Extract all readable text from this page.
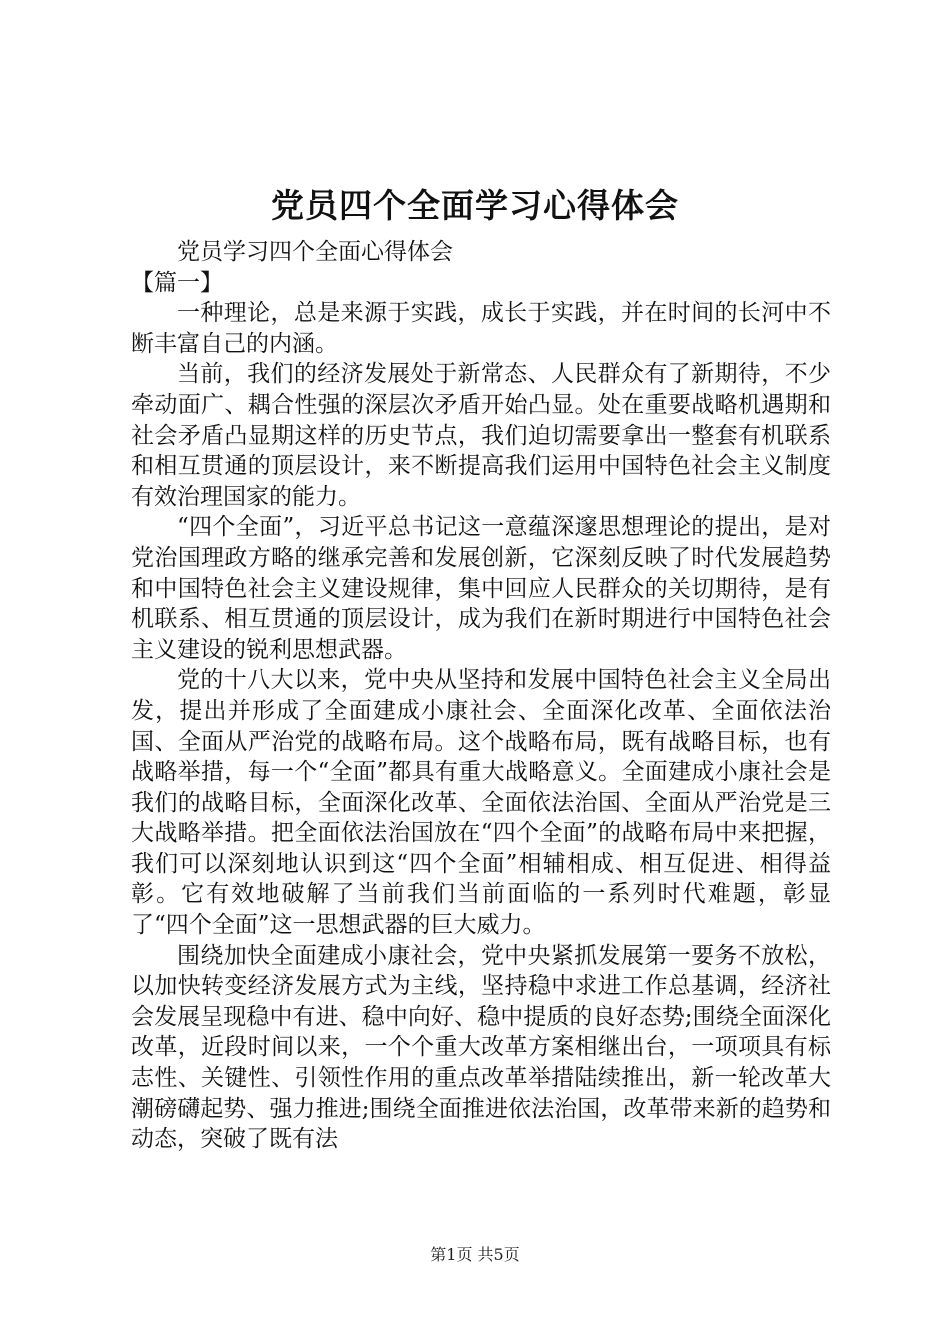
党员四个全面学习心得体会

党员学习四个全面心得体会

【篇一】

一种理论，总是来源于实践，成长于实践，并在时间的长河中不断丰富自己的内涵。

当前，我们的经济发展处于新常态、人民群众有了新期待，不少牵动面广、耦合性强的深层次矛盾开始凸显。处在重要战略机遇期和社会矛盾凸显期这样的历史节点，我们迫切需要拿出一整套有机联系和相互贯通的顶层设计，来不断提高我们运用中国特色社会主义制度有效治理国家的能力。

“四个全面”，习近平总书记这一意蕴深邃思想理论的提出，是对党治国理政方略的继承完善和发展创新，它深刻反映了时代发展趋势和中国特色社会主义建设规律，集中回应人民群众的关切期待，是有机联系、相互贯通的顶层设计，成为我们在新时期进行中国特色社会主义建设的锐利思想武器。

党的十八大以来，党中央从坚持和发展中国特色社会主义全局出发，提出并形成了全面建成小康社会、全面深化改革、全面依法治国、全面从严治党的战略布局。这个战略布局，既有战略目标，也有战略举措，每一个“全面”都具有重大战略意义。全面建成小康社会是我们的战略目标，全面深化改革、全面依法治国、全面从严治党是三大战略举措。把全面依法治国放在“四个全面”的战略布局中来把握，我们可以深刻地认识到这“四个全面”相辅相成、相互促进、相得益彰。它有效地破解了当前我们当前面临的一系列时代难题，彰显了“四个全面”这一思想武器的巨大威力。

围绕加快全面建成小康社会，党中央紧抓发展第一要务不放松，以加快转变经济发展方式为主线，坚持稳中求进工作总基调，经济社会发展呈现稳中有进、稳中向好、稳中提质的良好态势;围绕全面深化改革，近段时间以来，一个个重大改革方案相继出台，一项项具有标志性、关键性、引领性作用的重点改革举措陆续推出，新一轮改革大潮磅礴起势、强力推进;围绕全面推进依法治国，改革带来新的趋势和动态，突破了既有法

第1页 共5页
